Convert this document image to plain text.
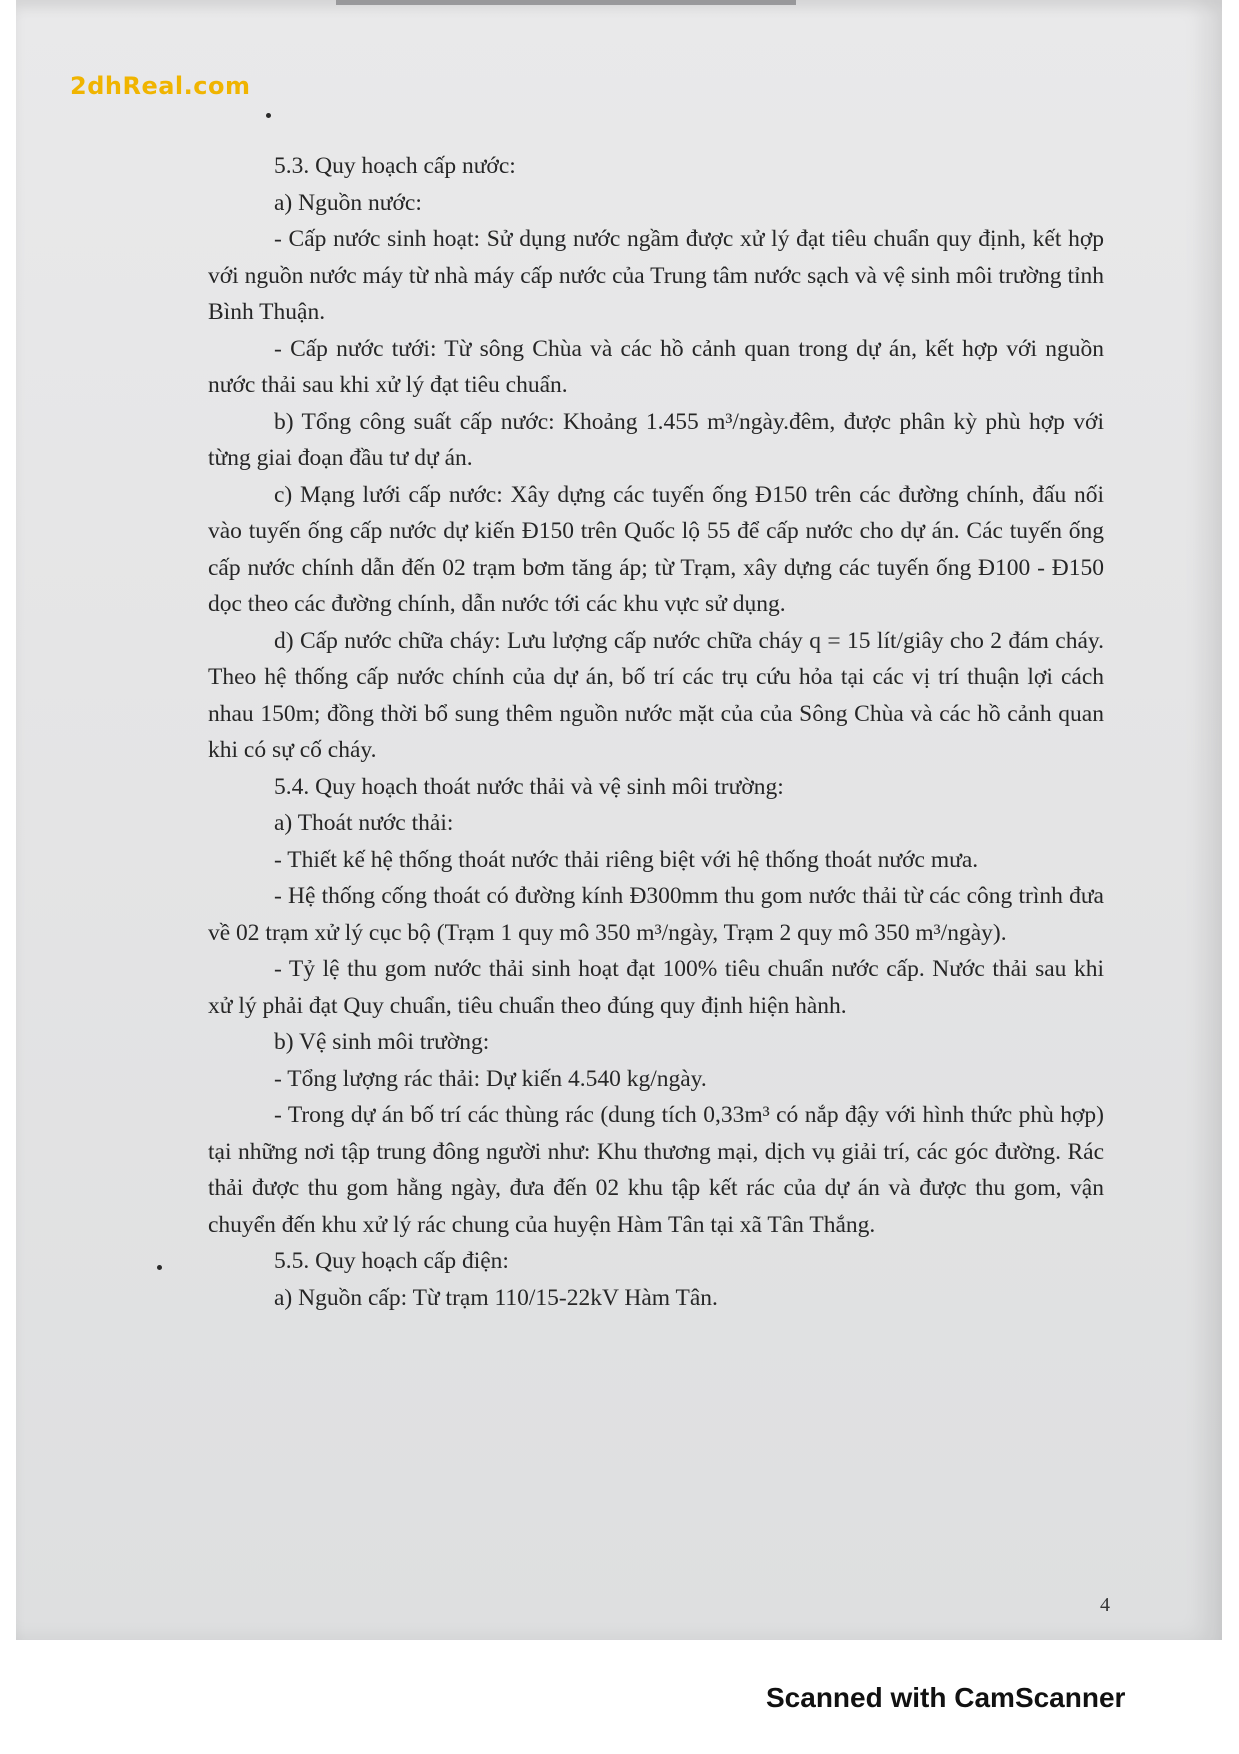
2dhReal.com

5.3. Quy hoạch cấp nước:

a) Nguồn nước:

- Cấp nước sinh hoạt: Sử dụng nước ngầm được xử lý đạt tiêu chuẩn quy định, kết hợp với nguồn nước máy từ nhà máy cấp nước của Trung tâm nước sạch và vệ sinh môi trường tỉnh Bình Thuận.

- Cấp nước tưới: Từ sông Chùa và các hồ cảnh quan trong dự án, kết hợp với nguồn nước thải sau khi xử lý đạt tiêu chuẩn.

b) Tổng công suất cấp nước: Khoảng 1.455 m³/ngày.đêm, được phân kỳ phù hợp với từng giai đoạn đầu tư dự án.

c) Mạng lưới cấp nước: Xây dựng các tuyến ống Ð150 trên các đường chính, đấu nối vào tuyến ống cấp nước dự kiến Ð150 trên Quốc lộ 55 để cấp nước cho dự án. Các tuyến ống cấp nước chính dẫn đến 02 trạm bơm tăng áp; từ Trạm, xây dựng các tuyến ống Ð100 - Ð150 dọc theo các đường chính, dẫn nước tới các khu vực sử dụng.

d) Cấp nước chữa cháy: Lưu lượng cấp nước chữa cháy q = 15 lít/giây cho 2 đám cháy. Theo hệ thống cấp nước chính của dự án, bố trí các trụ cứu hỏa tại các vị trí thuận lợi cách nhau 150m; đồng thời bổ sung thêm nguồn nước mặt của của Sông Chùa và các hồ cảnh quan khi có sự cố cháy.

5.4. Quy hoạch thoát nước thải và vệ sinh môi trường:

a) Thoát nước thải:

- Thiết kế hệ thống thoát nước thải riêng biệt với hệ thống thoát nước mưa.

- Hệ thống cống thoát có đường kính Ð300mm thu gom nước thải từ các công trình đưa về 02 trạm xử lý cục bộ (Trạm 1 quy mô 350 m³/ngày, Trạm 2 quy mô 350 m³/ngày).

- Tỷ lệ thu gom nước thải sinh hoạt đạt 100% tiêu chuẩn nước cấp. Nước thải sau khi xử lý phải đạt Quy chuẩn, tiêu chuẩn theo đúng quy định hiện hành.

b) Vệ sinh môi trường:

- Tổng lượng rác thải: Dự kiến 4.540 kg/ngày.

- Trong dự án bố trí các thùng rác (dung tích 0,33m³ có nắp đậy với hình thức phù hợp) tại những nơi tập trung đông người như: Khu thương mại, dịch vụ giải trí, các góc đường. Rác thải được thu gom hằng ngày, đưa đến 02 khu tập kết rác của dự án và được thu gom, vận chuyển đến khu xử lý rác chung của huyện Hàm Tân tại xã Tân Thắng.

5.5. Quy hoạch cấp điện:

a) Nguồn cấp: Từ trạm 110/15-22kV Hàm Tân.

4
Scanned with CamScanner
